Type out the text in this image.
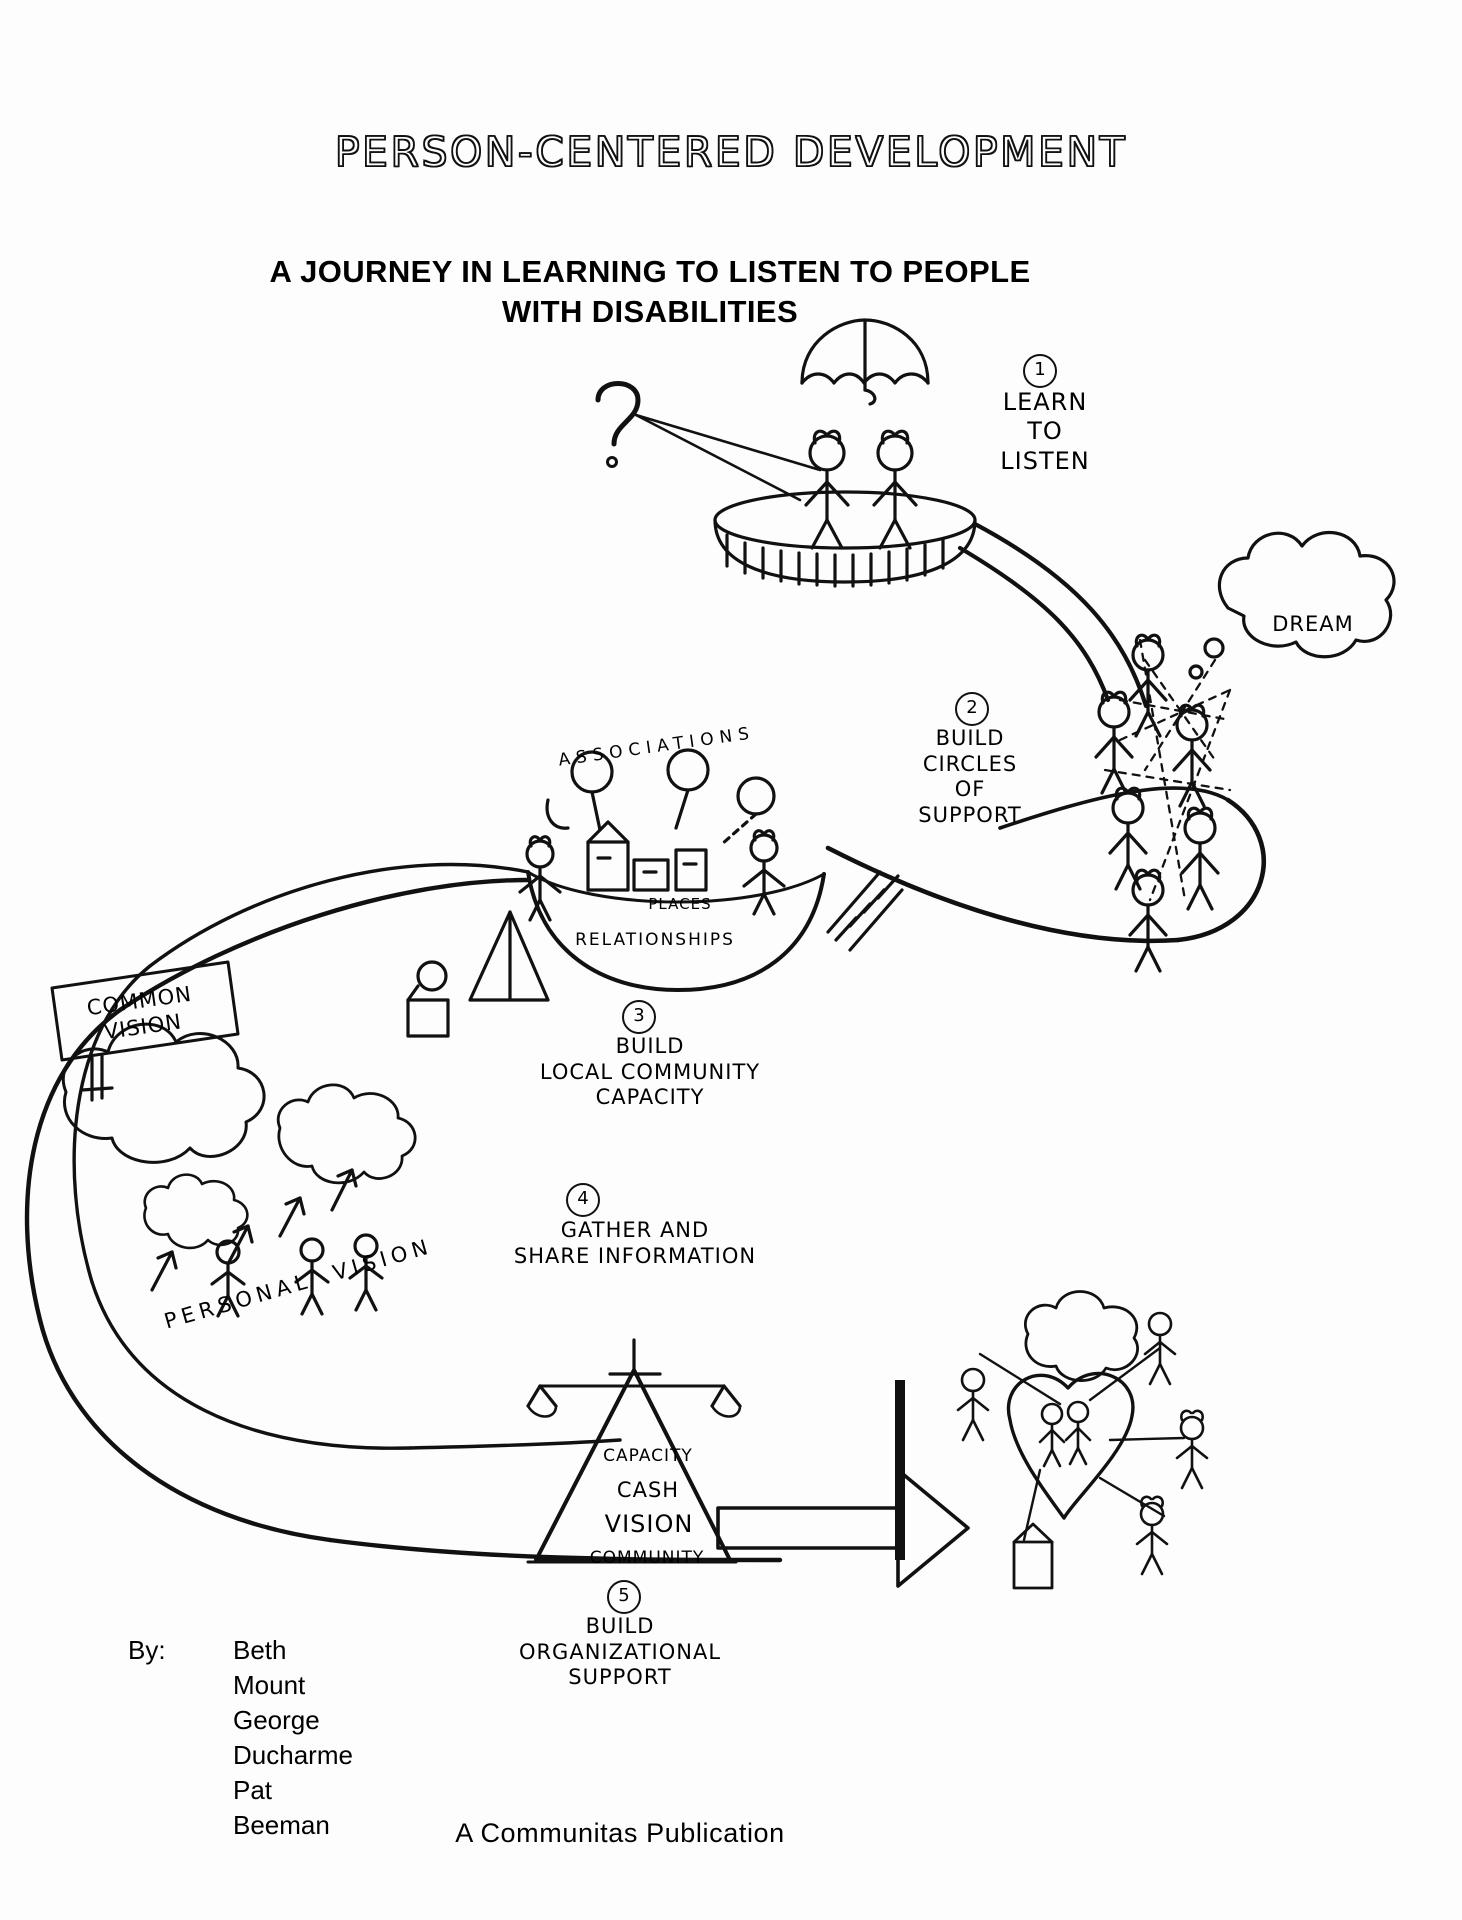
PERSON-CENTERED DEVELOPMENT
A JOURNEY IN LEARNING TO LISTEN TO PEOPLE
WITH DISABILITIES
1
LEARN
TO
LISTEN
DREAM
2
BUILD
CIRCLES
OF
SUPPORT
ASSOCIATIONS
PLACES
RELATIONSHIPS
3
BUILD
LOCAL COMMUNITY
CAPACITY
COMMON
VISION
PERSONAL  VISION
4
GATHER AND
SHARE INFORMATION
CAPACITY
CASH
VISION
COMMUNITY
5
BUILD
ORGANIZATIONAL
SUPPORT
By:	Beth Mount
George Ducharme
Pat Beeman	A Communitas Publication
